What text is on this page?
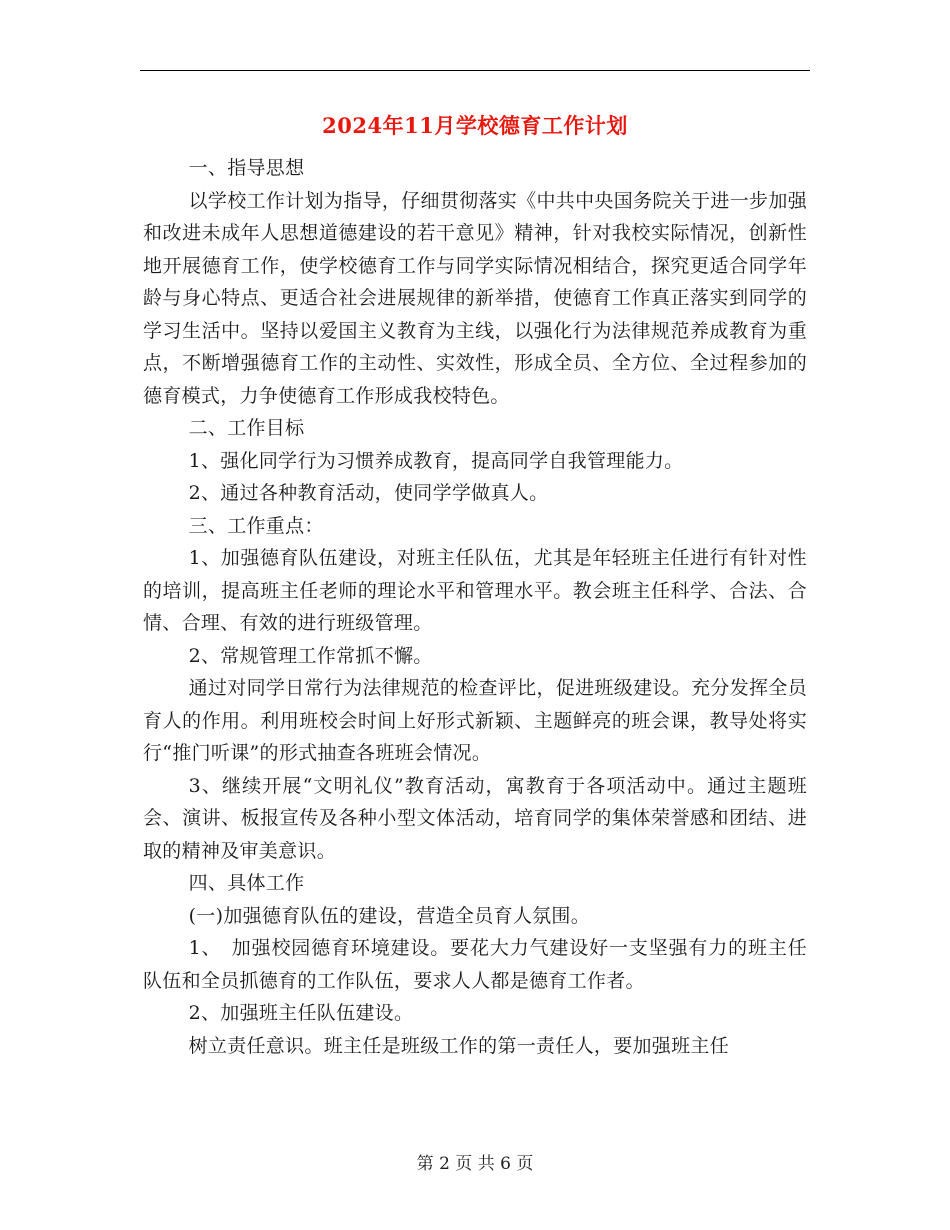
2024年11月学校德育工作计划

一、指导思想

以学校工作计划为指导，仔细贯彻落实《中共中央国务院关于进一步加强和改进未成年人思想道德建设的若干意见》精神，针对我校实际情况，创新性地开展德育工作，使学校德育工作与同学实际情况相结合，探究更适合同学年龄与身心特点、更适合社会进展规律的新举措，使德育工作真正落实到同学的学习生活中。坚持以爱国主义教育为主线，以强化行为法律规范养成教育为重点，不断增强德育工作的主动性、实效性，形成全员、全方位、全过程参加的德育模式，力争使德育工作形成我校特色。

二、工作目标

1、强化同学行为习惯养成教育，提高同学自我管理能力。

2、通过各种教育活动，使同学学做真人。

三、工作重点：

1、加强德育队伍建设，对班主任队伍，尤其是年轻班主任进行有针对性的培训，提高班主任老师的理论水平和管理水平。教会班主任科学、合法、合情、合理、有效的进行班级管理。

2、常规管理工作常抓不懈。

通过对同学日常行为法律规范的检查评比，促进班级建设。充分发挥全员育人的作用。利用班校会时间上好形式新颖、主题鲜亮的班会课，教导处将实行“推门听课”的形式抽查各班班会情况。

3、继续开展“文明礼仪”教育活动，寓教育于各项活动中。通过主题班会、演讲、板报宣传及各种小型文体活动，培育同学的集体荣誉感和团结、进取的精神及审美意识。

四、具体工作

(一)加强德育队伍的建设，营造全员育人氛围。

1、　加强校园德育环境建设。要花大力气建设好一支坚强有力的班主任队伍和全员抓德育的工作队伍，要求人人都是德育工作者。

2、加强班主任队伍建设。

树立责任意识。班主任是班级工作的第一责任人，要加强班主任

第 2 页 共 6 页
